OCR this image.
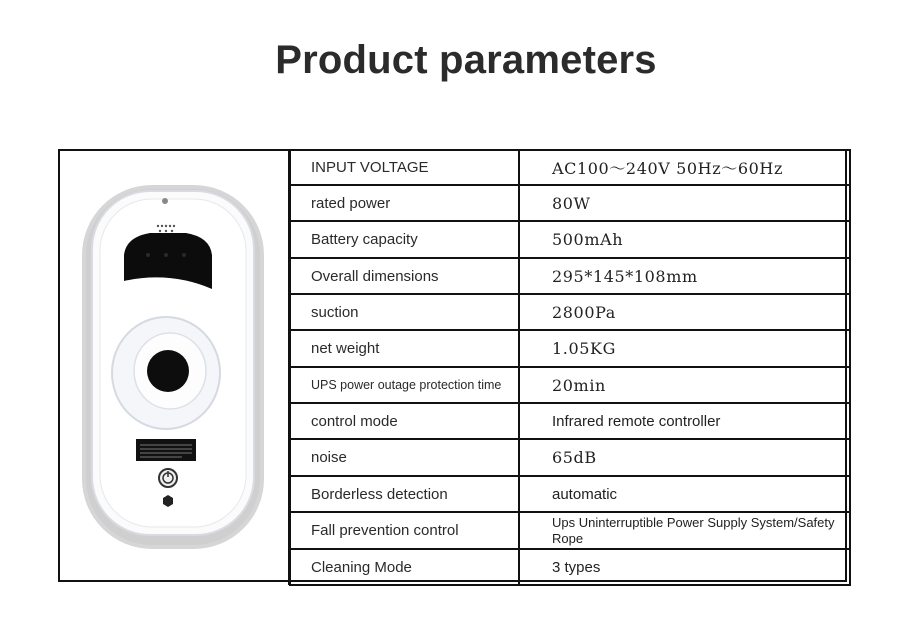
Product parameters
INPUT VOLTAGE	AC100～240V 50Hz～60Hz
rated power	80W
Battery capacity	500mAh
Overall dimensions	295*145*108mm
suction	2800Pa
net weight	1.05KG
UPS power outage protection time	20min
control mode	Infrared remote controller
noise	65dB
Borderless detection	automatic
Fall prevention control	Ups Uninterruptible Power Supply System/Safety Rope
Cleaning Mode	3 types
